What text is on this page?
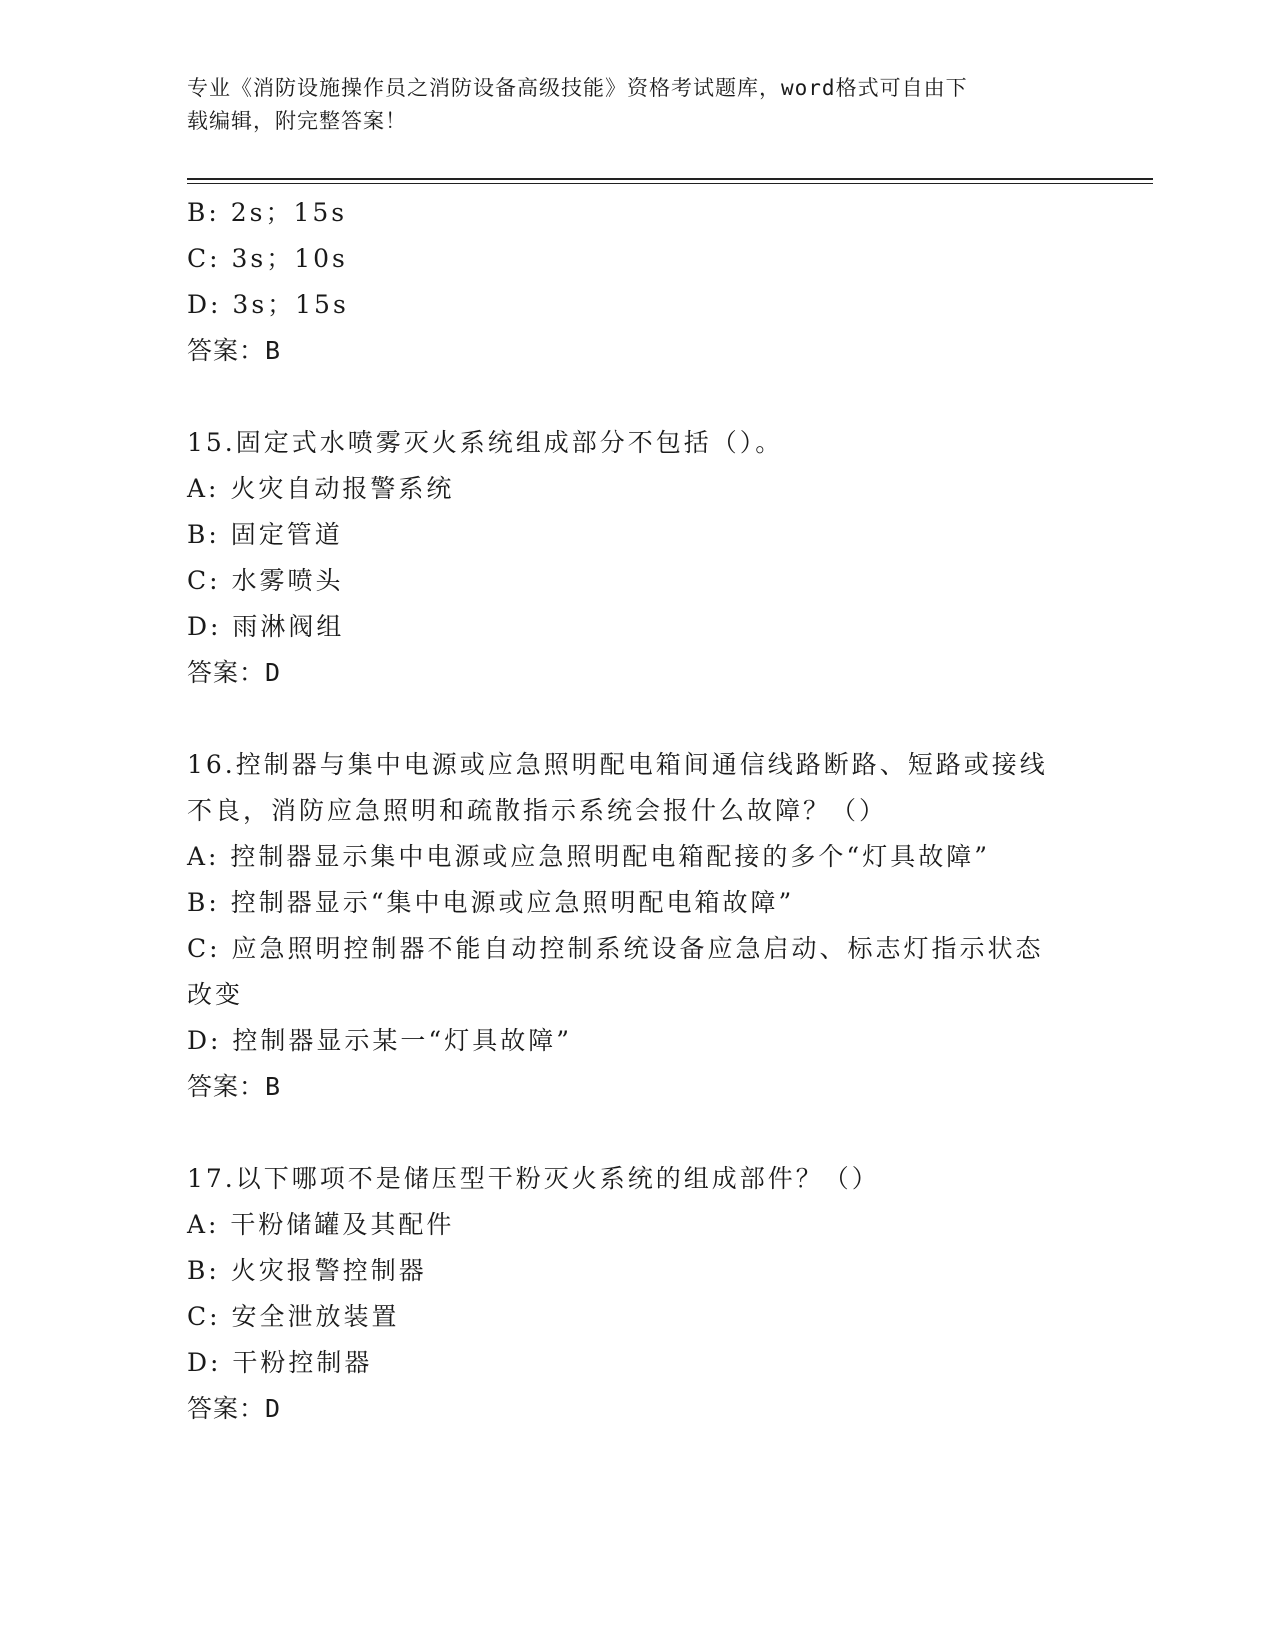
专业《消防设施操作员之消防设备高级技能》资格考试题库，word格式可自由下
载编辑，附完整答案！
B: 2s；15s
C: 3s；10s
D: 3s；15s
答案：B
15.固定式水喷雾灭火系统组成部分不包括（）。
A: 火灾自动报警系统
B: 固定管道
C: 水雾喷头
D: 雨淋阀组
答案：D
16.控制器与集中电源或应急照明配电箱间通信线路断路、短路或接线
不良，消防应急照明和疏散指示系统会报什么故障？（）
A: 控制器显示集中电源或应急照明配电箱配接的多个“灯具故障”
B: 控制器显示“集中电源或应急照明配电箱故障”
C: 应急照明控制器不能自动控制系统设备应急启动、标志灯指示状态
改变
D: 控制器显示某一“灯具故障”
答案：B
17.以下哪项不是储压型干粉灭火系统的组成部件？（）
A: 干粉储罐及其配件
B: 火灾报警控制器
C: 安全泄放装置
D: 干粉控制器
答案：D
